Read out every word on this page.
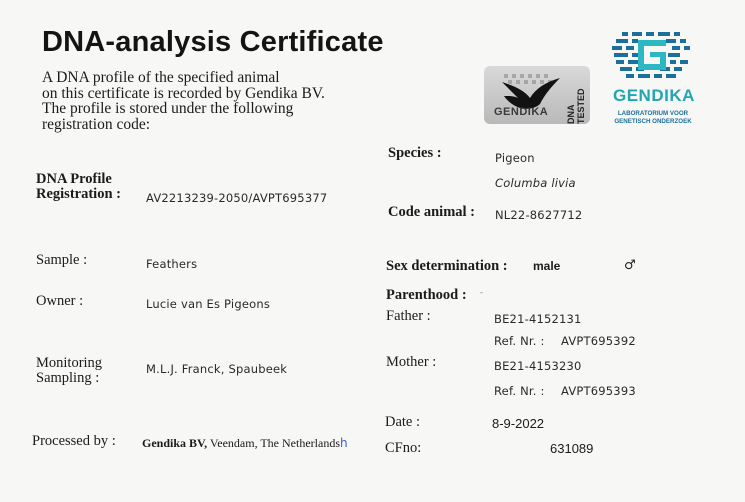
DNA-analysis Certificate
A DNA profile of the specified animal
on this certificate is recorded by Gendika BV.
The profile is stored under the following
registration code:
GENDIKA DNA TESTED GENDIKA
LABORATORIUM VOOR
GENETISCH ONDERZOEK
DNA Profile
Registration : AV2213239-2050/AVPT695377
Sample :	Feathers
Owner :	Lucie van Es Pigeons
Monitoring
Sampling :
M.L.J. Franck, Spaubeek
Processed by : Gendika BV, Veendam, The Netherlandsh
Species :	Pigeon
Columba livia
Code animal : NL22-8627712
Sex determination : male	♂
Parenthood : -
Father :	BE21-4152131
Ref. Nr. : AVPT695392
Mother :	BE21-4153230
Ref. Nr. : AVPT695393
Date :	8-9-2022
CFno:	631089
